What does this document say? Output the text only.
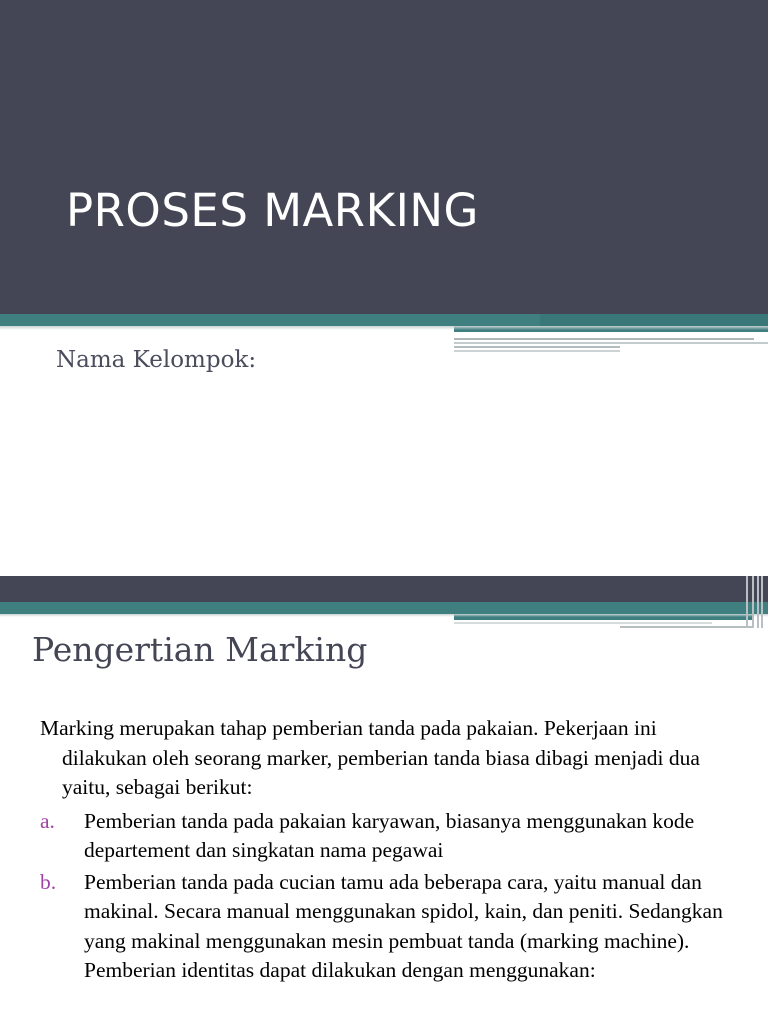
PROSES MARKING
Nama Kelompok:
Pengertian Marking

Marking merupakan tahap pemberian tanda pada pakaian. Pekerjaan ini dilakukan oleh seorang marker, pemberian tanda biasa dibagi menjadi dua yaitu, sebagai berikut:

a. Pemberian tanda pada pakaian karyawan, biasanya menggunakan kode departement dan singkatan nama pegawai
b. Pemberian tanda pada cucian tamu ada beberapa cara, yaitu manual dan makinal. Secara manual menggunakan spidol, kain, dan peniti. Sedangkan yang makinal menggunakan mesin pembuat tanda (marking machine). Pemberian identitas dapat dilakukan dengan menggunakan:
